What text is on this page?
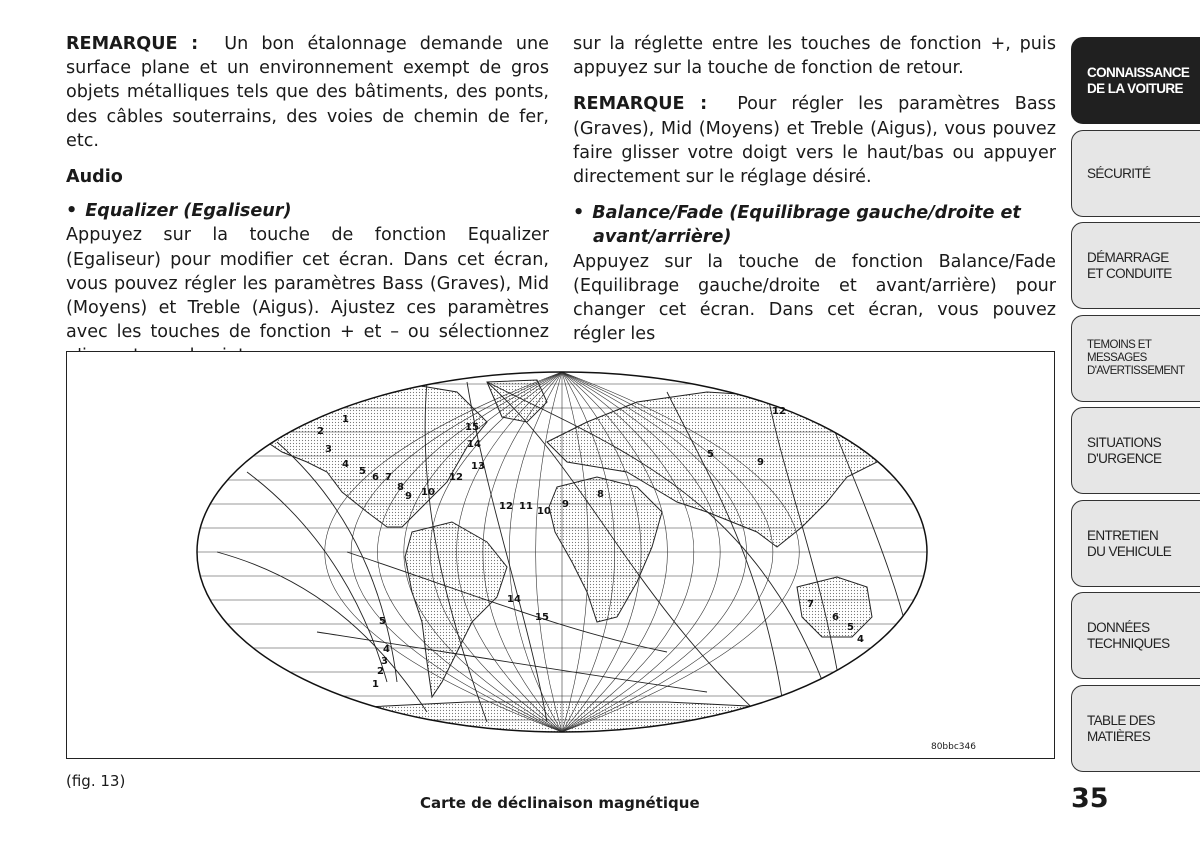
REMARQUE : Un bon étalonnage demande une surface plane et un environnement exempt de gros objets métalliques tels que des bâtiments, des ponts, des câbles souterrains, des voies de chemin de fer, etc.

Audio
• Equalizer (Egaliseur)

Appuyez sur la touche de fonction Equalizer (Egaliseur) pour modifier cet écran. Dans cet écran, vous pouvez régler les paramètres Bass (Graves), Mid (Moyens) et Treble (Aigus). Ajustez ces paramètres avec les touches de fonction + et – ou sélectionnez

sur la réglette entre les touches de fonction +, puis appuyez sur la touche de fonction de retour.

REMARQUE : Pour régler les paramètres Bass (Graves), Mid (Moyens) et Treble (Aigus), vous pouvez faire glisser votre doigt vers le haut/bas ou appuyer directement sur le réglage désiré.

• Balance/Fade (Equilibrage gauche/droite et avant/arrière)

Appuyez sur la touche de fonction Balance/Fade (Equilibrage gauche/droite et avant/arrière) pour changer cet écran. Dans cet écran, vous pouvez régler les

1
2
3
4
5
6 7
8
9 10
12
13
14
15
12 11 10
9
8
5
9
12
14
15
5
4
3
2
1
7
6
5
4
80bbc346
(fig. 13)
Carte de déclinaison magnétique	35
CONNAISSANCE
DE LA VOITURE
SÉCURITÉ
DÉMARRAGE
ET CONDUITE
TEMOINS ET
MESSAGES
D'AVERTISSEMENT
SITUATIONS
D'URGENCE
ENTRETIEN
DU VEHICULE
DONNÉES
TECHNIQUES
TABLE DES
MATIÈRES
